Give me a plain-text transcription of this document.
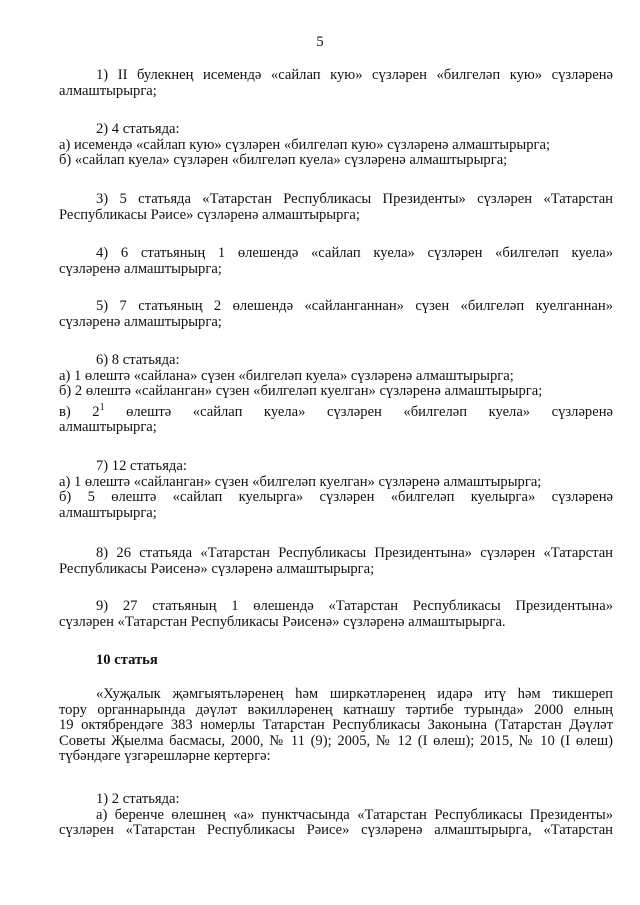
5
1) II булекнең исемендә «сайлап кую» сүзләрен «билгеләп кую» сүзләренә
алмаштырырга;
2) 4 статьяда:
а) исемендә «сайлап кую» сүзләрен «билгеләп кую» сүзләренә алмаштырырга;
б) «сайлап куела» сүзләрен «билгеләп куела» сүзләренә алмаштырырга;
3) 5 статьяда «Татарстан Республикасы Президенты» сүзләрен «Татарстан
Республикасы Рәисе» сүзләренә алмаштырырга;
4) 6 статьяның 1 өлешендә «сайлап куела» сүзләрен «билгеләп куела»
сүзләренә алмаштырырга;
5) 7 статьяның 2 өлешендә «сайланганнан» сүзен «билгеләп куелганнан»
сүзләренә алмаштырырга;
6) 8 статьяда:
а) 1 өлештә «сайлана» сүзен «билгеләп куела» сүзләренә алмаштырырга;
б) 2 өлештә «сайланган» сүзен «билгеләп куелган» сүзләренә алмаштырырга;
в) $2^1$ өлештә «сайлап куела» сүзләрен «билгеләп куела» сүзләренә
алмаштырырга;
7) 12 статьяда:
а) 1 өлештә «сайланган» сүзен «билгеләп куелган» сүзләренә алмаштырырга;
б) 5 өлештә «сайлап куелырга» сүзләрен «билгеләп куелырга» сүзләренә
алмаштырырга;
8) 26 статьяда «Татарстан Республикасы Президентына» сүзләрен «Татарстан
Республикасы Рәисенә» сүзләренә алмаштырырга;
9) 27 статьяның 1 өлешендә «Татарстан Республикасы Президентына»
сүзләрен «Татарстан Республикасы Рәисенә» сүзләренә алмаштырырга.
10 статья
«Хуҗалык җәмгыятьләренең һәм ширкәтләренең идарә итү һәм тикшереп
тору органнарында дәүләт вәкилләренең катнашу тәртибе турында» 2000 елның
19 октябрендәге 383 номерлы Татарстан Республикасы Законына (Татарстан Дәүләт
Советы Җыелма басмасы, 2000, № 11 (9); 2005, № 12 (I өлеш); 2015, № 10 (I өлеш)
түбәндәге үзгәрешләрне кертергә:
1) 2 статьяда:
а) беренче өлешнең «а» пунктчасында «Татарстан Республикасы Президенты»
сүзләрен «Татарстан Республикасы Рәисе» сүзләренә алмаштырырга, «Татарстан
